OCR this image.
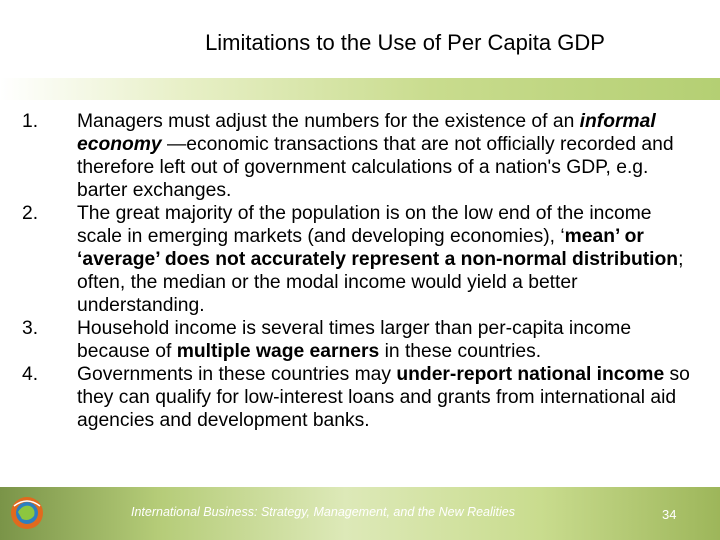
Limitations to the Use of Per Capita GDP
1.	Managers must adjust the numbers for the existence of an informal economy —economic transactions that are not officially recorded and therefore left out of government calculations of a nation's GDP, e.g. barter exchanges.
2.	The great majority of the population is on the low end of the income scale in emerging markets (and developing economies), ‘mean’ or ‘average’ does not accurately represent a non-normal distribution; often, the median or the modal income would yield a better understanding.
3.	Household income is several times larger than per-capita income because of multiple wage earners in these countries.
4.	Governments in these countries may under-report national income so they can qualify for low-interest loans and grants from international aid agencies and development banks.
International Business: Strategy, Management, and the New Realities	34
